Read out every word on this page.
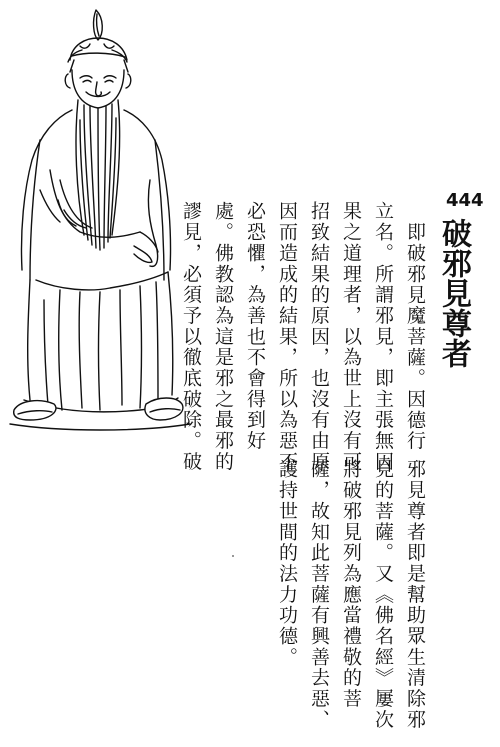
444
破邪見尊者
即破邪見魔菩薩。因德行
立名。所謂邪見，即主張無因
果之道理者，以為世上沒有可
招致結果的原因，也沒有由原
因而造成的結果，所以為惡不
必恐懼，為善也不會得到好
處。佛教認為這是邪之最邪的
謬見，必須予以徹底破除。破
邪見尊者即是幫助眾生清除邪
見的菩薩。又《佛名經》屢次
將破邪見列為應當禮敬的菩
薩，故知此菩薩有興善去惡、
護持世間的法力功德。
